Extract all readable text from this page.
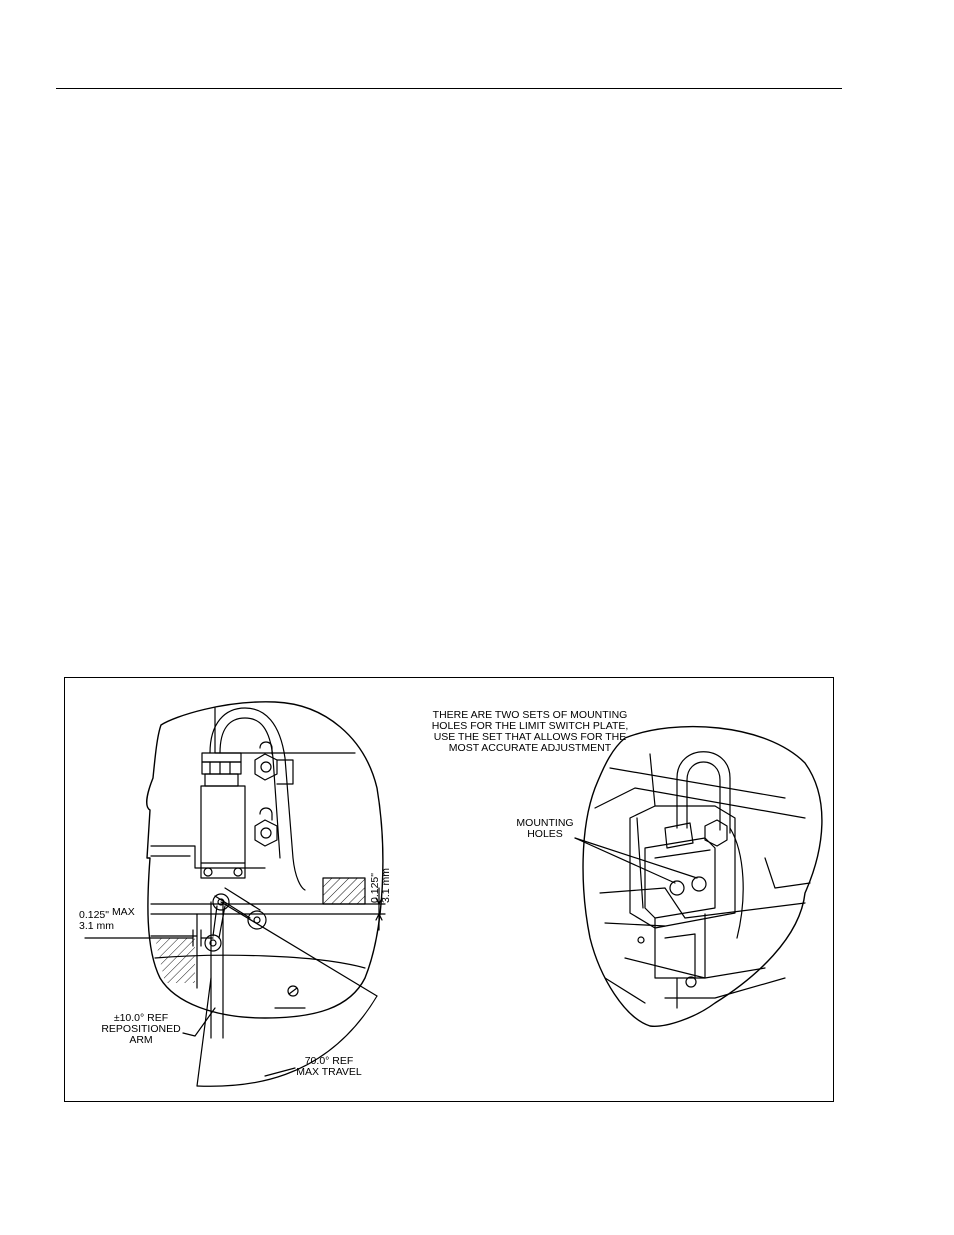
0.125" MAX
3.1 mm
0.125"
3.1 mm
±10.0° REF
REPOSITIONED
ARM
70.0° REF
MAX TRAVEL
THERE ARE TWO SETS OF MOUNTING
HOLES FOR THE LIMIT SWITCH PLATE,
USE THE SET THAT ALLOWS FOR THE
MOST ACCURATE ADJUSTMENT
MOUNTING
HOLES
